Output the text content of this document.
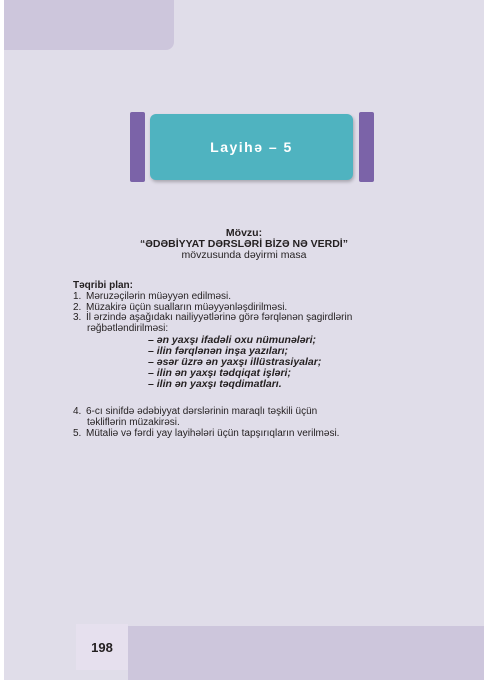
Layihə – 5
Mövzu:
“ƏDƏBİYYAT DƏRSLƏRİ BİZƏ NƏ VERDİ”
mövzusunda dəyirmi masa
Təqribi plan:
1. Məruzəçilərin müəyyən edilməsi.
2. Müzakirə üçün sualların müəyyənləşdirilməsi.
3. İl ərzində aşağıdakı nailiyyətlərinə görə fərqlənən şagirdlərin
rəğbətləndirilməsi:
– ən yaxşı ifadəli oxu nümunələri;
– ilin fərqlənən inşa yazıları;
– əsər üzrə ən yaxşı illüstrasiyalar;
– ilin ən yaxşı tədqiqat işləri;
– ilin ən yaxşı təqdimatları.
4. 6-cı sinifdə ədəbiyyat dərslərinin maraqlı təşkili üçün
təkliflərin müzakirəsi.
5. Mütaliə və fərdi yay layihələri üçün tapşırıqların verilməsi.
198
